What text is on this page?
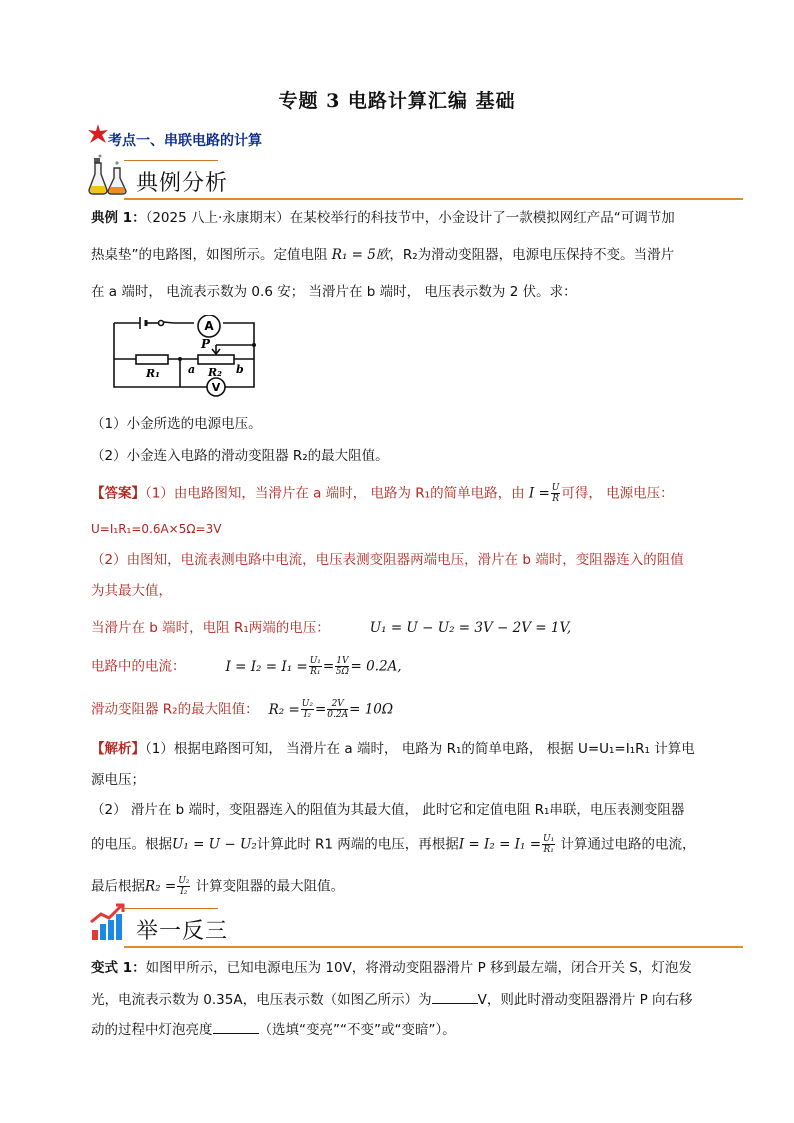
专题 3 电路计算汇编 基础
考点一、串联电路的计算
典例分析
典例 1：（2025 八上·永康期末）在某校举行的科技节中，小金设计了一款模拟网红产品“可调节加
热桌垫”的电路图，如图所示。定值电阻 R₁ = 5欧，R₂为滑动变阻器，电源电压保持不变。当滑片
在 a 端时， 电流表示数为 0.6 安； 当滑片在 b 端时， 电压表示数为 2 伏。求：
A
V
P
R₁	R₂
a	b
（1）小金所选的电源电压。
（2）小金连入电路的滑动变阻器 R₂的最大阻值。
【答案】（1）由电路图知，当滑片在 a 端时， 电路为 R₁的简单电路，由 $I = \frac{U}{R}$ 可得， 电源电压：
U=I₁R₁=0.6A×5Ω=3V
（2）由图知，电流表测电路中电流，电压表测变阻器两端电压，滑片在 b 端时，变阻器连入的阻值
为其最大值，
当滑片在 b 端时，电阻 R₁两端的电压：	U₁ = U − U₂ = 3V − 2V = 1V,
电路中的电流：	$I = I_2 = I_1 = \frac{\text{U₁}}{\text{R₁}} = \frac{1V}{5\Omega} = 0.2A$,
滑动变阻器 R₂的最大阻值： $R_2 = \frac{\text{U₂}}{\text{I₂}} = \frac{2V}{0.2A} = 10\Omega$
【解析】（1）根据电路图可知， 当滑片在 a 端时， 电路为 R₁的简单电路， 根据 U=U₁=I₁R₁ 计算电
源电压；
（2） 滑片在 b 端时，变阻器连入的阻值为其最大值， 此时它和定值电阻 R₁串联，电压表测变阻器
的电压。根据U₁ = U − U₂计算此时 R1 两端的电压，再根据$I = I_2 = I_1 = \frac{\text{U₁}}{\text{R₁}}$ 计算通过电路的电流，
最后根据$R_2 = \frac{\text{U₂}}{\text{I₂}}$ 计算变阻器的最大阻值。
举一反三
变式 1：如图甲所示，已知电源电压为 10V，将滑动变阻器滑片 P 移到最左端，闭合开关 S，灯泡发
光，电流表示数为 0.35A，电压表示数（如图乙所示）为	V，则此时滑动变阻器滑片 P 向右移
动的过程中灯泡亮度	（选填“变亮”“不变”或“变暗”）。
